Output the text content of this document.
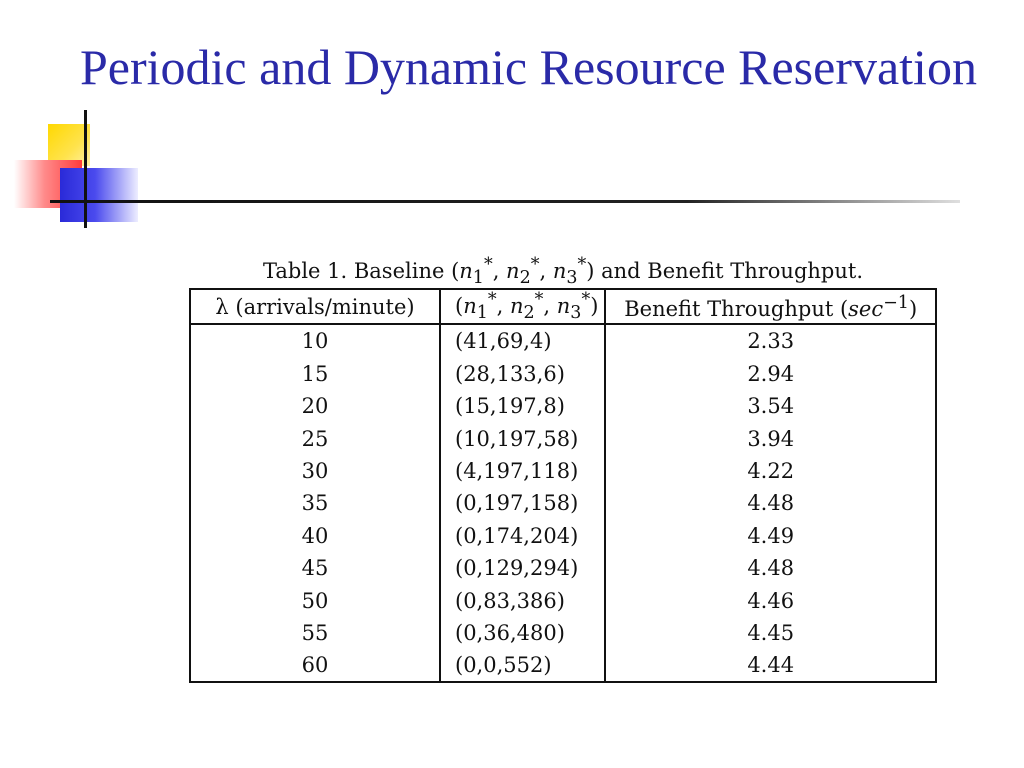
Periodic and Dynamic Resource Reservation
Table 1. Baseline ($n_1^*$, $n_2^*$, $n_3^*$) and Benefit Throughput.
λ (arrivals/minute)	($n_1^*$, $n_2^*$, $n_3^*$)	Benefit Throughput $(\sec^{-1})$
10	(41,69,4)	2.33
15	(28,133,6)	2.94
20	(15,197,8)	3.54
25	(10,197,58)	3.94
30	(4,197,118)	4.22
35	(0,197,158)	4.48
40	(0,174,204)	4.49
45	(0,129,294)	4.48
50	(0,83,386)	4.46
55	(0,36,480)	4.45
60	(0,0,552)	4.44
